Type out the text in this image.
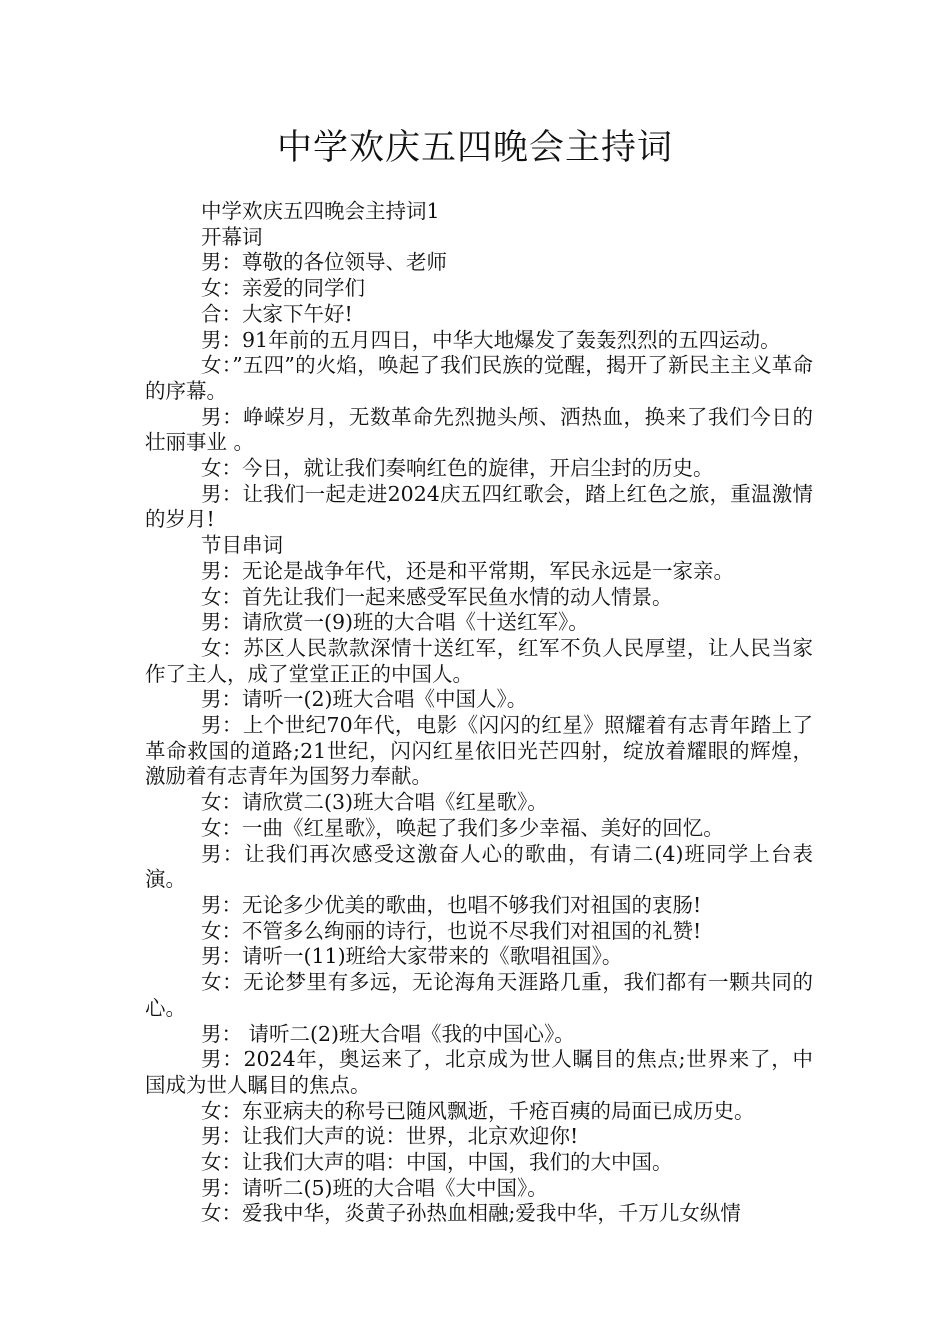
中学欢庆五四晚会主持词

中学欢庆五四晚会主持词1

开幕词

男：尊敬的各位领导、老师

女：亲爱的同学们

合：大家下午好!

男：91年前的五月四日，中华大地爆发了轰轰烈烈的五四运动。

女：”五四”的火焰，唤起了我们民族的觉醒，揭开了新民主主义革命的序幕。

男：峥嵘岁月，无数革命先烈抛头颅、洒热血，换来了我们今日的壮丽事业 。

女：今日，就让我们奏响红色的旋律，开启尘封的历史。

男：让我们一起走进2024庆五四红歌会，踏上红色之旅，重温激情的岁月!

节目串词

男：无论是战争年代，还是和平常期，军民永远是一家亲。

女：首先让我们一起来感受军民鱼水情的动人情景。

男：请欣赏一(9)班的大合唱《十送红军》。

女：苏区人民款款深情十送红军，红军不负人民厚望，让人民当家作了主人，成了堂堂正正的中国人。

男：请听一(2)班大合唱《中国人》。

男：上个世纪70年代，电影《闪闪的红星》照耀着有志青年踏上了革命救国的道路;21世纪，闪闪红星依旧光芒四射，绽放着耀眼的辉煌，激励着有志青年为国努力奉献。

女：请欣赏二(3)班大合唱《红星歌》。

女：一曲《红星歌》，唤起了我们多少幸福、美好的回忆。

男：让我们再次感受这激奋人心的歌曲，有请二(4)班同学上台表演。

男：无论多少优美的歌曲，也唱不够我们对祖国的衷肠!

女：不管多么绚丽的诗行，也说不尽我们对祖国的礼赞!

男：请听一(11)班给大家带来的《歌唱祖国》。

女：无论梦里有多远，无论海角天涯路几重，我们都有一颗共同的心。

男： 请听二(2)班大合唱《我的中国心》。

男：2024年，奥运来了，北京成为世人瞩目的焦点;世界来了，中国成为世人瞩目的焦点。

女：东亚病夫的称号已随风飘逝，千疮百痍的局面已成历史。

男：让我们大声的说：世界，北京欢迎你!

女：让我们大声的唱：中国，中国，我们的大中国。

男：请听二(5)班的大合唱《大中国》。

女：爱我中华，炎黄子孙热血相融;爱我中华，千万儿女纵情
